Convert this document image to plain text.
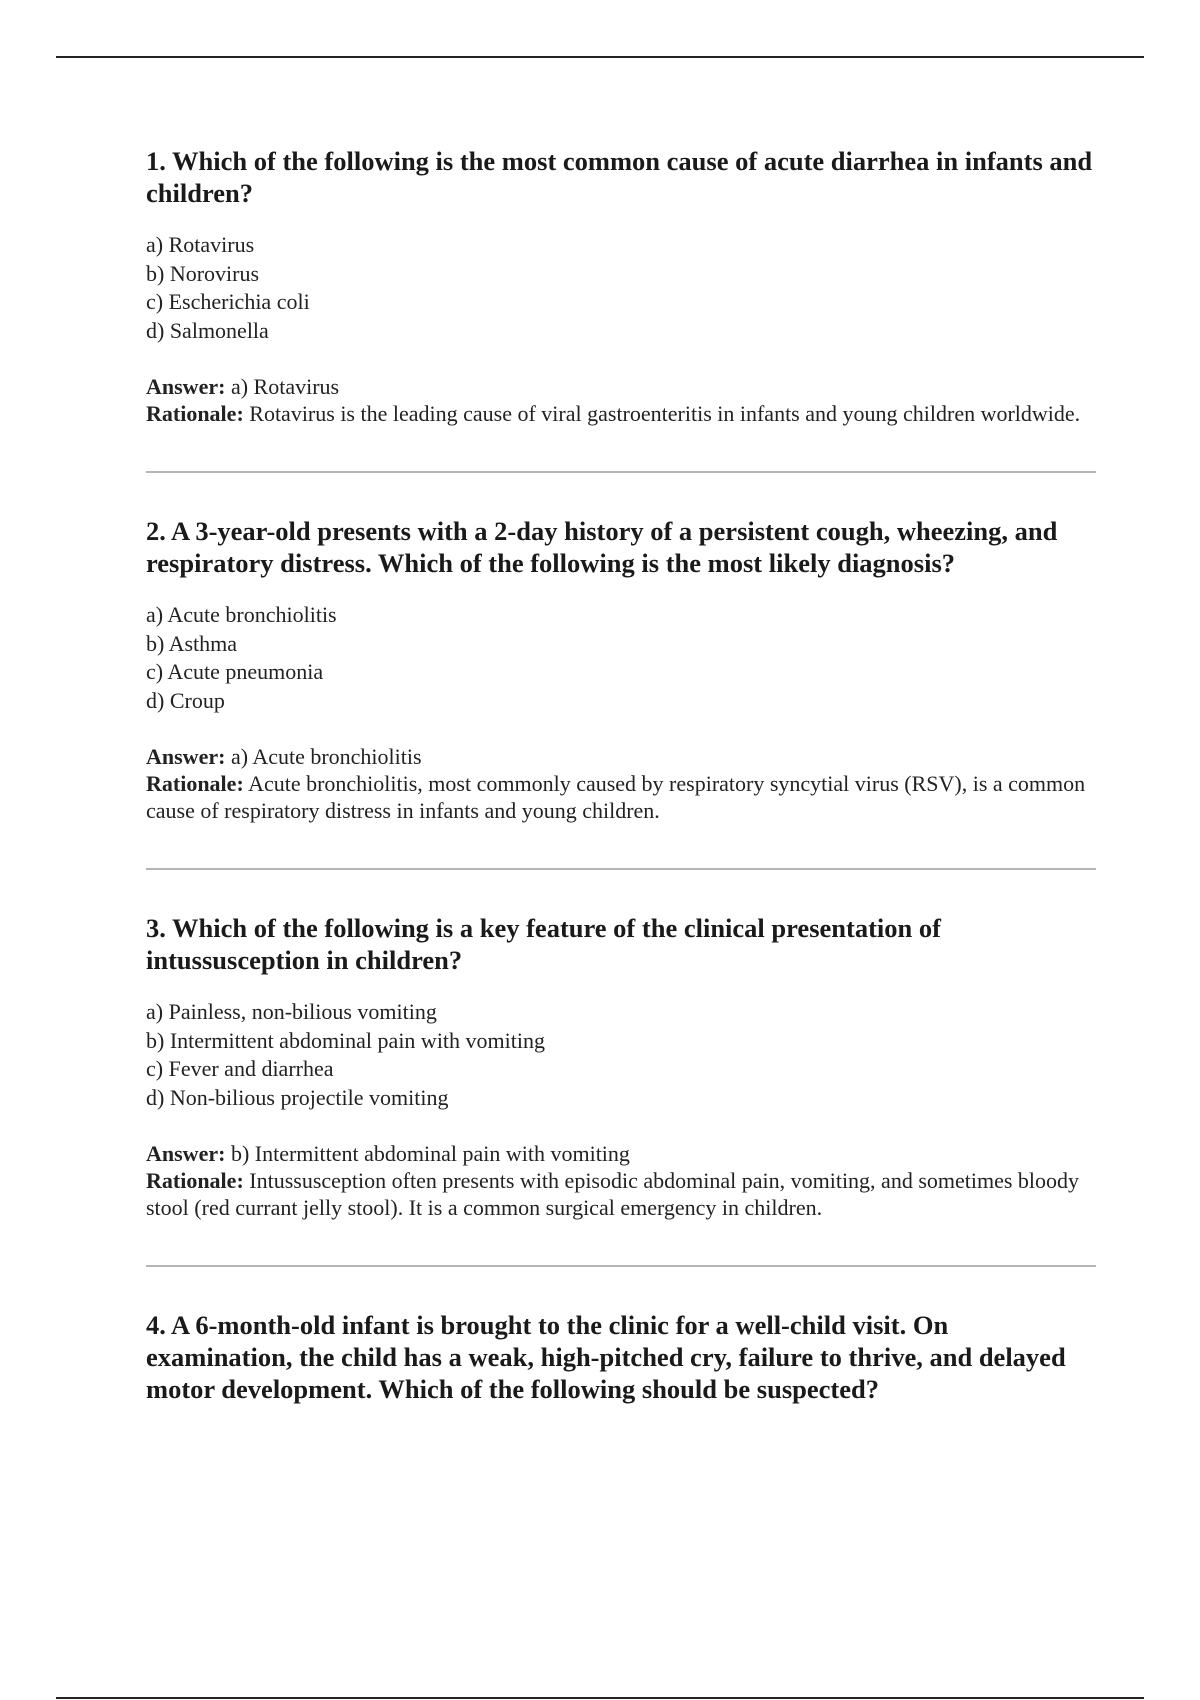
1. Which of the following is the most common cause of acute diarrhea in infants and children?
a) Rotavirus
b) Norovirus
c) Escherichia coli
d) Salmonella

Answer: a) Rotavirus

Rationale: Rotavirus is the leading cause of viral gastroenteritis in infants and young children worldwide.

2. A 3-year-old presents with a 2-day history of a persistent cough, wheezing, and respiratory distress. Which of the following is the most likely diagnosis?
a) Acute bronchiolitis
b) Asthma
c) Acute pneumonia
d) Croup

Answer: a) Acute bronchiolitis

Rationale: Acute bronchiolitis, most commonly caused by respiratory syncytial virus (RSV), is a common cause of respiratory distress in infants and young children.

3. Which of the following is a key feature of the clinical presentation of intussusception in children?
a) Painless, non-bilious vomiting
b) Intermittent abdominal pain with vomiting
c) Fever and diarrhea
d) Non-bilious projectile vomiting

Answer: b) Intermittent abdominal pain with vomiting

Rationale: Intussusception often presents with episodic abdominal pain, vomiting, and sometimes bloody stool (red currant jelly stool). It is a common surgical emergency in children.

4. A 6-month-old infant is brought to the clinic for a well-child visit. On examination, the child has a weak, high-pitched cry, failure to thrive, and delayed motor development. Which of the following should be suspected?
